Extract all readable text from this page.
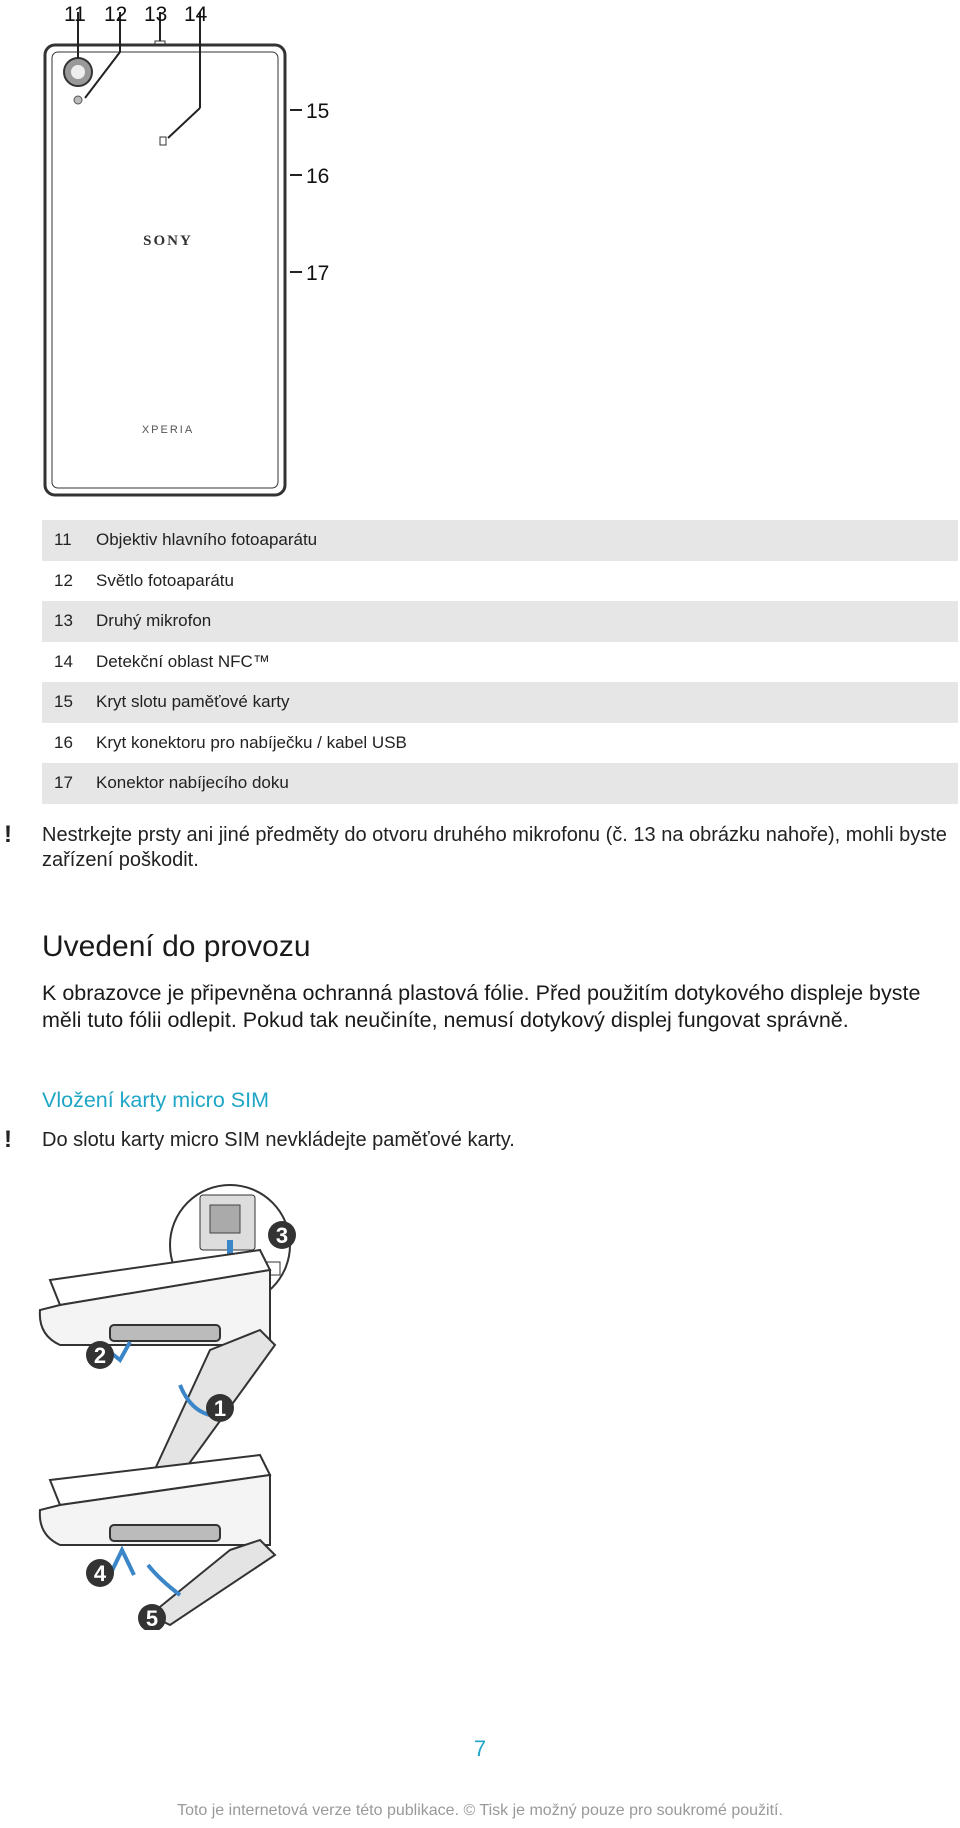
11 12 13 14
15
16
17
SONY
XPERIA
11	Objektiv hlavního fotoaparátu
12	Světlo fotoaparátu
13	Druhý mikrofon
14	Detekční oblast NFC™
15	Kryt slotu paměťové karty
16	Kryt konektoru pro nabíječku / kabel USB
17	Konektor nabíjecího doku
! Nestrkejte prsty ani jiné předměty do otvoru druhého mikrofonu (č. 13 na obrázku nahoře), mohli byste zařízení poškodit.
Uvedení do provozu
K obrazovce je připevněna ochranná plastová fólie. Před použitím dotykového displeje byste měli tuto fólii odlepit. Pokud tak neučiníte, nemusí dotykový displej fungovat správně.
Vložení karty micro SIM
! Do slotu karty micro SIM nevkládejte paměťové karty.
3
2
1
4
5
7
Toto je internetová verze této publikace. © Tisk je možný pouze pro soukromé použití.
